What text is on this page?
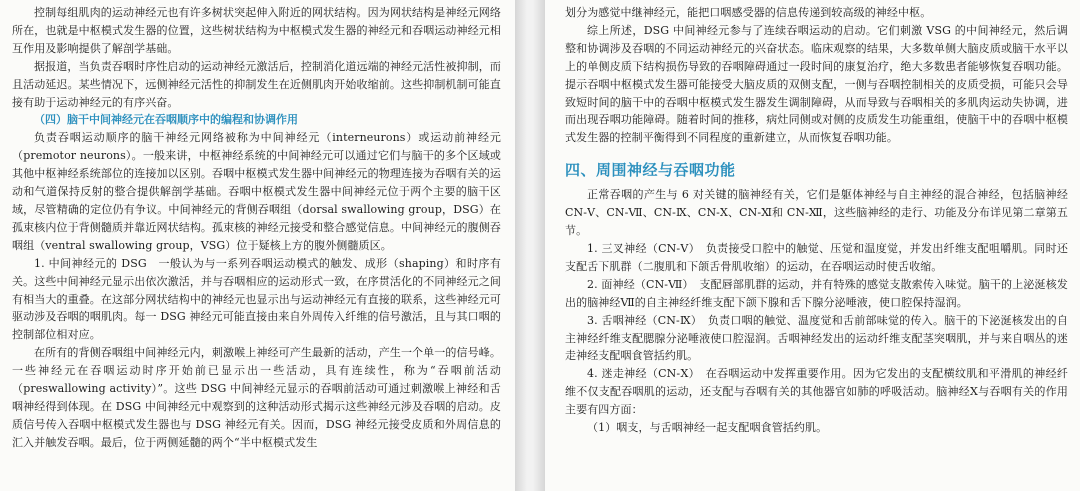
控制每组肌肉的运动神经元也有许多树状突起伸入附近的网状结构。因为网状结构是神经元网络所在，也就是中枢模式发生器的位置，这些树状结构为中枢模式发生器的神经元和吞咽运动神经元相互作用及影响提供了解剖学基础。

据报道，当负责吞咽时序性启动的运动神经元激活后，控制消化道远端的神经元活性被抑制，而且活动延迟。某些情况下，远侧神经元活性的抑制发生在近侧肌肉开始收缩前。这些抑制机制可能直接有助于运动神经元的有序兴奋。

（四）脑干中间神经元在吞咽顺序中的编程和协调作用

负责吞咽运动顺序的脑干神经元网络被称为中间神经元（interneurons）或运动前神经元（premotor neurons）。一般来讲，中枢神经系统的中间神经元可以通过它们与脑干的多个区域或其他中枢神经系统部位的连接加以区别。吞咽中枢模式发生器中间神经元的物理连接为吞咽有关的运动和气道保持反射的整合提供解剖学基础。吞咽中枢模式发生器中间神经元位于两个主要的脑干区域，尽管精确的定位仍有争议。中间神经元的背侧吞咽组（dorsal swallowing group，DSG）在孤束核内位于背侧髓质并靠近网状结构。孤束核的神经元接受和整合感觉信息。中间神经元的腹侧吞咽组（ventral swallowing group，VSG）位于疑核上方的腹外侧髓质区。

1. 中间神经元的 DSG　一般认为与一系列吞咽运动模式的触发、成形（shaping）和时序有关。这些中间神经元显示出依次激活，并与吞咽相应的运动形式一致，在序贯活化的不同神经元之间有相当大的重叠。在这部分网状结构中的神经元也显示出与运动神经元有直接的联系，这些神经元可驱动涉及吞咽的咽肌肉。每一 DSG 神经元可能直接由来自外周传入纤维的信号激活，且与其口咽的控制部位相对应。

在所有的背侧吞咽组中间神经元内，刺激喉上神经可产生最新的活动，产生一个单一的信号峰。一些神经元在吞咽运动时序开始前已显示出一些活动，具有连续性，称为“吞咽前活动（preswallowing activity）”。这些 DSG 中间神经元显示的吞咽前活动可通过刺激喉上神经和舌咽神经得到体现。在 DSG 中间神经元中观察到的这种活动形式揭示这些神经元涉及吞咽的启动。皮质信号传入吞咽中枢模式发生器也与 DSG 神经元有关。因而，DSG 神经元接受皮质和外周信息的汇入并触发吞咽。最后，位于两侧延髓的两个“半中枢模式发生

划分为感觉中继神经元，能把口咽感受器的信息传递到较高级的神经中枢。

综上所述，DSG 中间神经元参与了连续吞咽运动的启动。它们刺激 VSG 的中间神经元，然后调整和协调涉及吞咽的不同运动神经元的兴奋状态。临床观察的结果，大多数单侧大脑皮质或脑干水平以上的单侧皮质下结构损伤导致的吞咽障碍通过一段时间的康复治疗，绝大多数患者能够恢复吞咽功能。提示吞咽中枢模式发生器可能接受大脑皮质的双侧支配，一侧与吞咽控制相关的皮质受损，可能只会导致短时间的脑干中的吞咽中枢模式发生器发生调制障碍，从而导致与吞咽相关的多肌肉运动失协调，进而出现吞咽功能障碍。随着时间的推移，病灶同侧或对侧的皮质发生功能重组，使脑干中的吞咽中枢模式发生器的控制平衡得到不同程度的重新建立，从而恢复吞咽功能。

四、周围神经与吞咽功能

正常吞咽的产生与 6 对关键的脑神经有关，它们是躯体神经与自主神经的混合神经，包括脑神经 CN-Ⅴ、CN-Ⅶ、CN-Ⅸ、CN-Ⅹ、CN-Ⅺ和 CN-Ⅻ，这些脑神经的走行、功能及分布详见第二章第五节。

1. 三叉神经（CN-Ⅴ）　负责接受口腔中的触觉、压觉和温度觉，并发出纤维支配咀嚼肌。同时还支配舌下肌群（二腹肌和下颌舌骨肌收缩）的运动，在吞咽运动时使舌收缩。

2. 面神经（CN-Ⅶ）　支配唇部肌群的运动，并有特殊的感觉支散索传入味觉。脑干的上泌涎核发出的脑神经Ⅶ的自主神经纤维支配下颌下腺和舌下腺分泌唾液，使口腔保持湿润。

3. 舌咽神经（CN-Ⅸ）　负责口咽的触觉、温度觉和舌前部味觉的传入。脑干的下泌涎核发出的自主神经纤维支配腮腺分泌唾液使口腔湿润。舌咽神经发出的运动纤维支配茎突咽肌，并与来自咽丛的迷走神经支配咽食管括约肌。

4. 迷走神经（CN-Ⅹ）　在吞咽运动中发挥重要作用。因为它发出的支配横纹肌和平滑肌的神经纤维不仅支配吞咽肌的运动，还支配与吞咽有关的其他器官如肺的呼吸活动。脑神经Ⅹ与吞咽有关的作用主要有四方面：

（1）咽支，与舌咽神经一起支配咽食管括约肌。
